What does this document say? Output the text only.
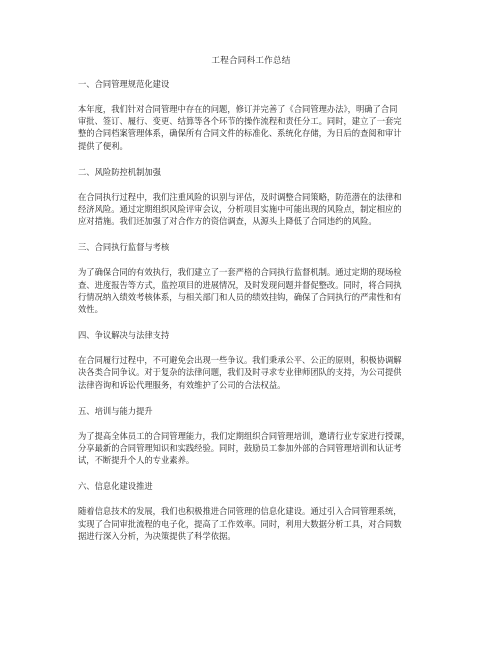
工程合同科工作总结
一、合同管理规范化建设
本年度，我们针对合同管理中存在的问题，修订并完善了《合同管理办法》，明确了合同
审批、签订、履行、变更、结算等各个环节的操作流程和责任分工。同时，建立了一套完
整的合同档案管理体系，确保所有合同文件的标准化、系统化存储，为日后的查阅和审计
提供了便利。
二、风险防控机制加强
在合同执行过程中，我们注重风险的识别与评估，及时调整合同策略，防范潜在的法律和
经济风险。通过定期组织风险评审会议，分析项目实施中可能出现的风险点，制定相应的
应对措施。我们还加强了对合作方的资信调查，从源头上降低了合同违约的风险。
三、合同执行监督与考核
为了确保合同的有效执行，我们建立了一套严格的合同执行监督机制。通过定期的现场检
查、进度报告等方式，监控项目的进展情况，及时发现问题并督促整改。同时，将合同执
行情况纳入绩效考核体系，与相关部门和人员的绩效挂钩，确保了合同执行的严肃性和有
效性。
四、争议解决与法律支持
在合同履行过程中，不可避免会出现一些争议。我们秉承公平、公正的原则，积极协调解
决各类合同争议。对于复杂的法律问题，我们及时寻求专业律师团队的支持，为公司提供
法律咨询和诉讼代理服务，有效维护了公司的合法权益。
五、培训与能力提升
为了提高全体员工的合同管理能力，我们定期组织合同管理培训，邀请行业专家进行授课，
分享最新的合同管理知识和实践经验。同时，鼓励员工参加外部的合同管理培训和认证考
试，不断提升个人的专业素养。
六、信息化建设推进
随着信息技术的发展，我们也积极推进合同管理的信息化建设。通过引入合同管理系统，
实现了合同审批流程的电子化，提高了工作效率。同时，利用大数据分析工具，对合同数
据进行深入分析，为决策提供了科学依据。
